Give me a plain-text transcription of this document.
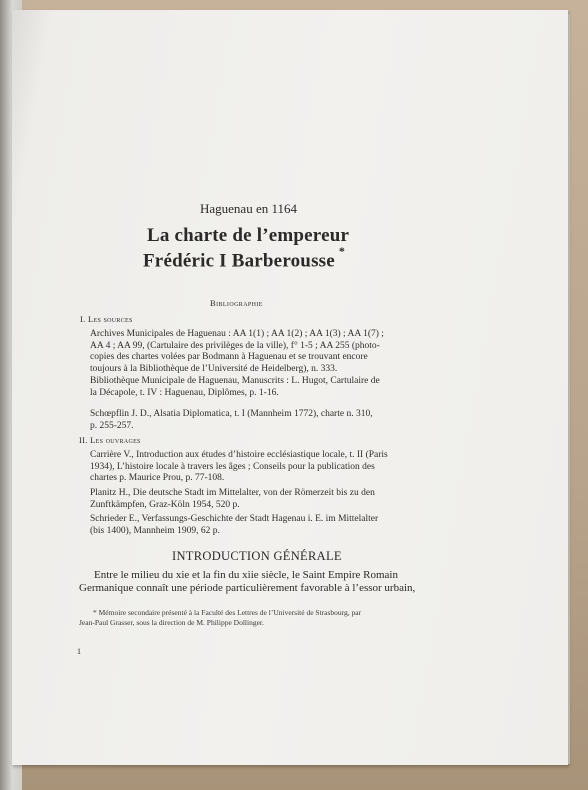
Haguenau en 1164
La charte de l’empereur
Frédéric I Barberousse *
Bibliographie
I. Les sources
Archives Municipales de Haguenau : AA 1(1) ; AA 1(2) ; AA 1(3) ; AA 1(7) ;
AA 4 ; AA 99, (Cartulaire des privilèges de la ville), f° 1-5 ; AA 255 (photo-
copies des chartes volées par Bodmann à Haguenau et se trouvant encore
toujours à la Bibliothèque de l’Université de Heidelberg), n. 333.
Bibliothèque Municipale de Haguenau, Manuscrits : L. Hugot, Cartulaire de
la Décapole, t. IV : Haguenau, Diplômes, p. 1-16.
Schœpflin J. D., Alsatia Diplomatica, t. I (Mannheim 1772), charte n. 310,
p. 255-257.
II. Les ouvrages
Carrière V., Introduction aux études d’histoire ecclésiastique locale, t. II (Paris
1934), L’histoire locale à travers les âges ; Conseils pour la publication des
chartes p. Maurice Prou, p. 77-108.
Planitz H., Die deutsche Stadt im Mittelalter, von der Römerzeit bis zu den
Zunftkämpfen, Graz-Köln 1954, 520 p.
Schrieder E., Verfassungs-Geschichte der Stadt Hagenau i. E. im Mittelalter
(bis 1400), Mannheim 1909, 62 p.
INTRODUCTION GÉNÉRALE
Entre le milieu du xie et la fin du xiie siècle, le Saint Empire Romain
Germanique connaît une période particulièrement favorable à l’essor urbain,
* Mémoire secondaire présenté à la Faculté des Lettres de l’Université de Strasbourg, par
Jean-Paul Grasser, sous la direction de M. Philippe Dollinger.
1
